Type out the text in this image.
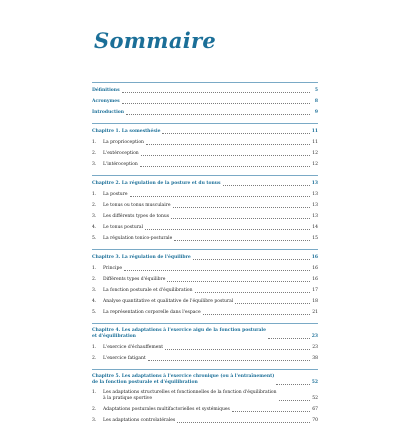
Sommaire
Définitions	5
Acronymes	8
Introduction	9
Chapitre 1. La somesthésie	11
1.	La proprioception	11
2.	L'extéroception	12
3.	L'intéroception	12
Chapitre 2. La régulation de la posture et du tonus	13
1.	La posture	13
2.	Le tonus ou tonus musculaire	13
3.	Les différents types de tonus	13
4.	Le tonus postural	14
5.	La régulation tonico-posturale	15
Chapitre 3. La régulation de l'équilibre	16
1.	Principe	16
2.	Différents types d'équilibre	16
3.	La fonction posturale et d'équilibration	17
4.	Analyse quantitative et qualitative de l'équilibre postural	18
5.	La représentation corporelle dans l'espace	21
Chapitre 4. Les adaptations à l'exercice aigu de la fonction posturale
et d'équilibration	23
1.	L'exercice d'échauffement	23
2.	L'exercice fatigant	38
Chapitre 5. Les adaptations à l'exercice chronique (ou à l'entraînement)
de la fonction posturale et d'équilibration	52
1.	Les adaptations structurelles et fonctionnelles de la fonction d'équilibration
à la pratique sportive	52
2.	Adaptations posturales multifactorielles et systémiques	67
3.	Les adaptations controlatérales	70
